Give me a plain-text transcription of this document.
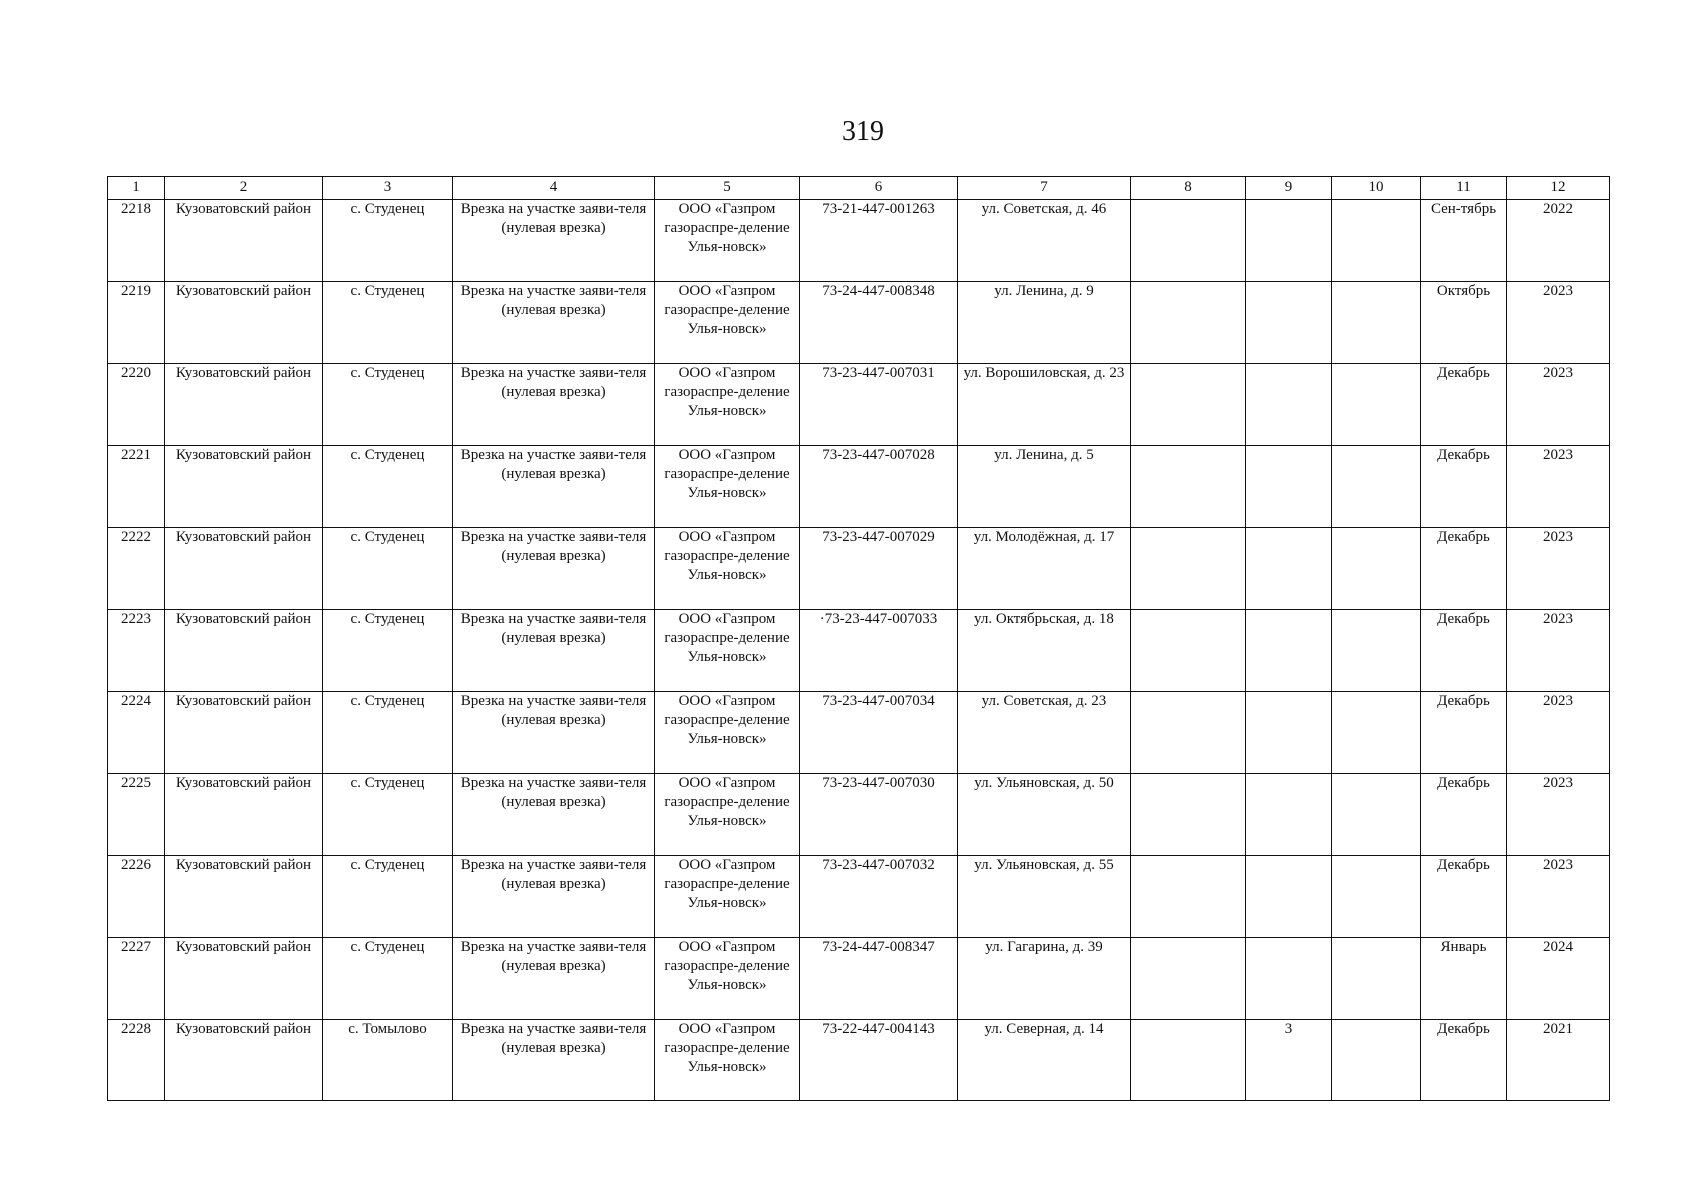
319
1	2	3	4	5	6	7	8	9	10	11	12
2218	Кузоватовский район	с. Студенец	Врезка на участке заяви-теля (нулевая врезка)	ООО «Газпром газораспре-деление Улья-новск»	73-21-447-001263	ул. Советская, д. 46				Сен-тябрь	2022
2219	Кузоватовский район	с. Студенец	Врезка на участке заяви-теля (нулевая врезка)	ООО «Газпром газораспре-деление Улья-новск»	73-24-447-008348	ул. Ленина, д. 9				Октябрь	2023
2220	Кузоватовский район	с. Студенец	Врезка на участке заяви-теля (нулевая врезка)	ООО «Газпром газораспре-деление Улья-новск»	73-23-447-007031	ул. Ворошиловская, д. 23				Декабрь	2023
2221	Кузоватовский район	с. Студенец	Врезка на участке заяви-теля (нулевая врезка)	ООО «Газпром газораспре-деление Улья-новск»	73-23-447-007028	ул. Ленина, д. 5				Декабрь	2023
2222	Кузоватовский район	с. Студенец	Врезка на участке заяви-теля (нулевая врезка)	ООО «Газпром газораспре-деление Улья-новск»	73-23-447-007029	ул. Молодёжная, д. 17				Декабрь	2023
2223	Кузоватовский район	с. Студенец	Врезка на участке заяви-теля (нулевая врезка)	ООО «Газпром газораспре-деление Улья-новск»	·73-23-447-007033	ул. Октябрьская, д. 18				Декабрь	2023
2224	Кузоватовский район	с. Студенец	Врезка на участке заяви-теля (нулевая врезка)	ООО «Газпром газораспре-деление Улья-новск»	73-23-447-007034	ул. Советская, д. 23				Декабрь	2023
2225	Кузоватовский район	с. Студенец	Врезка на участке заяви-теля (нулевая врезка)	ООО «Газпром газораспре-деление Улья-новск»	73-23-447-007030	ул. Ульяновская, д. 50				Декабрь	2023
2226	Кузоватовский район	с. Студенец	Врезка на участке заяви-теля (нулевая врезка)	ООО «Газпром газораспре-деление Улья-новск»	73-23-447-007032	ул. Ульяновская, д. 55				Декабрь	2023
2227	Кузоватовский район	с. Студенец	Врезка на участке заяви-теля (нулевая врезка)	ООО «Газпром газораспре-деление Улья-новск»	73-24-447-008347	ул. Гагарина, д. 39				Январь	2024
2228	Кузоватовский район	с. Томылово	Врезка на участке заяви-теля (нулевая врезка)	ООО «Газпром газораспре-деление Улья-новск»	73-22-447-004143	ул. Северная, д. 14		3		Декабрь	2021
